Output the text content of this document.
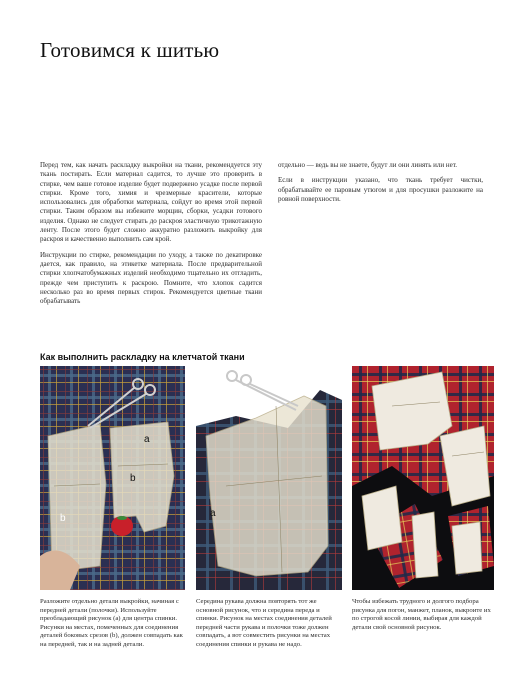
Готовимся к шитью

Перед тем, как начать раскладку выкройки на ткани, рекомендуется эту ткань постирать. Если материал садится, то лучше это проверить в стирке, чем ваше готовое изделие будет подвержено усадке после первой стирки. Кроме того, химия и чрезмерные красители, которые использовались для обработки материала, сойдут во время этой первой стирки. Таким образом вы избежите морщин, сборки, усадки готового изделия. Однако не следует стирать до раскроя эластичную трикотажную ленту. После этого будет сложно аккуратно разложить выкройку для раскроя и качественно выполнить сам крой.

Инструкции по стирке, рекомендации по уходу, а также по декатировке дается, как правило, на этикетке материала. После предварительной стирки хлопчатобумажных изделий необходимо тщательно их отгладить, прежде чем приступить к раскрою. Помните, что хлопок садится несколько раз во время первых стирок. Рекомендуется цветные ткани обрабатывать

отдельно — ведь вы не знаете, будут ли они линять или нет.

Если в инструкции указано, что ткань требует чистки, обрабатывайте ее паровым утюгом и для просушки разложите на ровной поверхности.

Как выполнить раскладку на клетчатой ткани
a
b
b
a
Разложите отдельно детали выкройки, начиная с передней детали (полочки). Используйте преобладающий рисунок (а) для центра спинки. Рисунки на местах, помеченных для соединения деталей боковых срезов (b), должен совпадать как на передней, так и на задней детали.
Середина рукава должна повторять тот же основной рисунок, что и середина переда и спинки. Рисунок на местах соединения деталей передней части рукава и полочки тоже должен совпадать, а вот совместить рисунки на местах соединения спинки и рукава не надо.
Чтобы избежать трудного и долгого подбора рисунка для погон, манжет, планок, выкроите их по строгой косой линии, выбирая для каждой детали свой основной рисунок.
